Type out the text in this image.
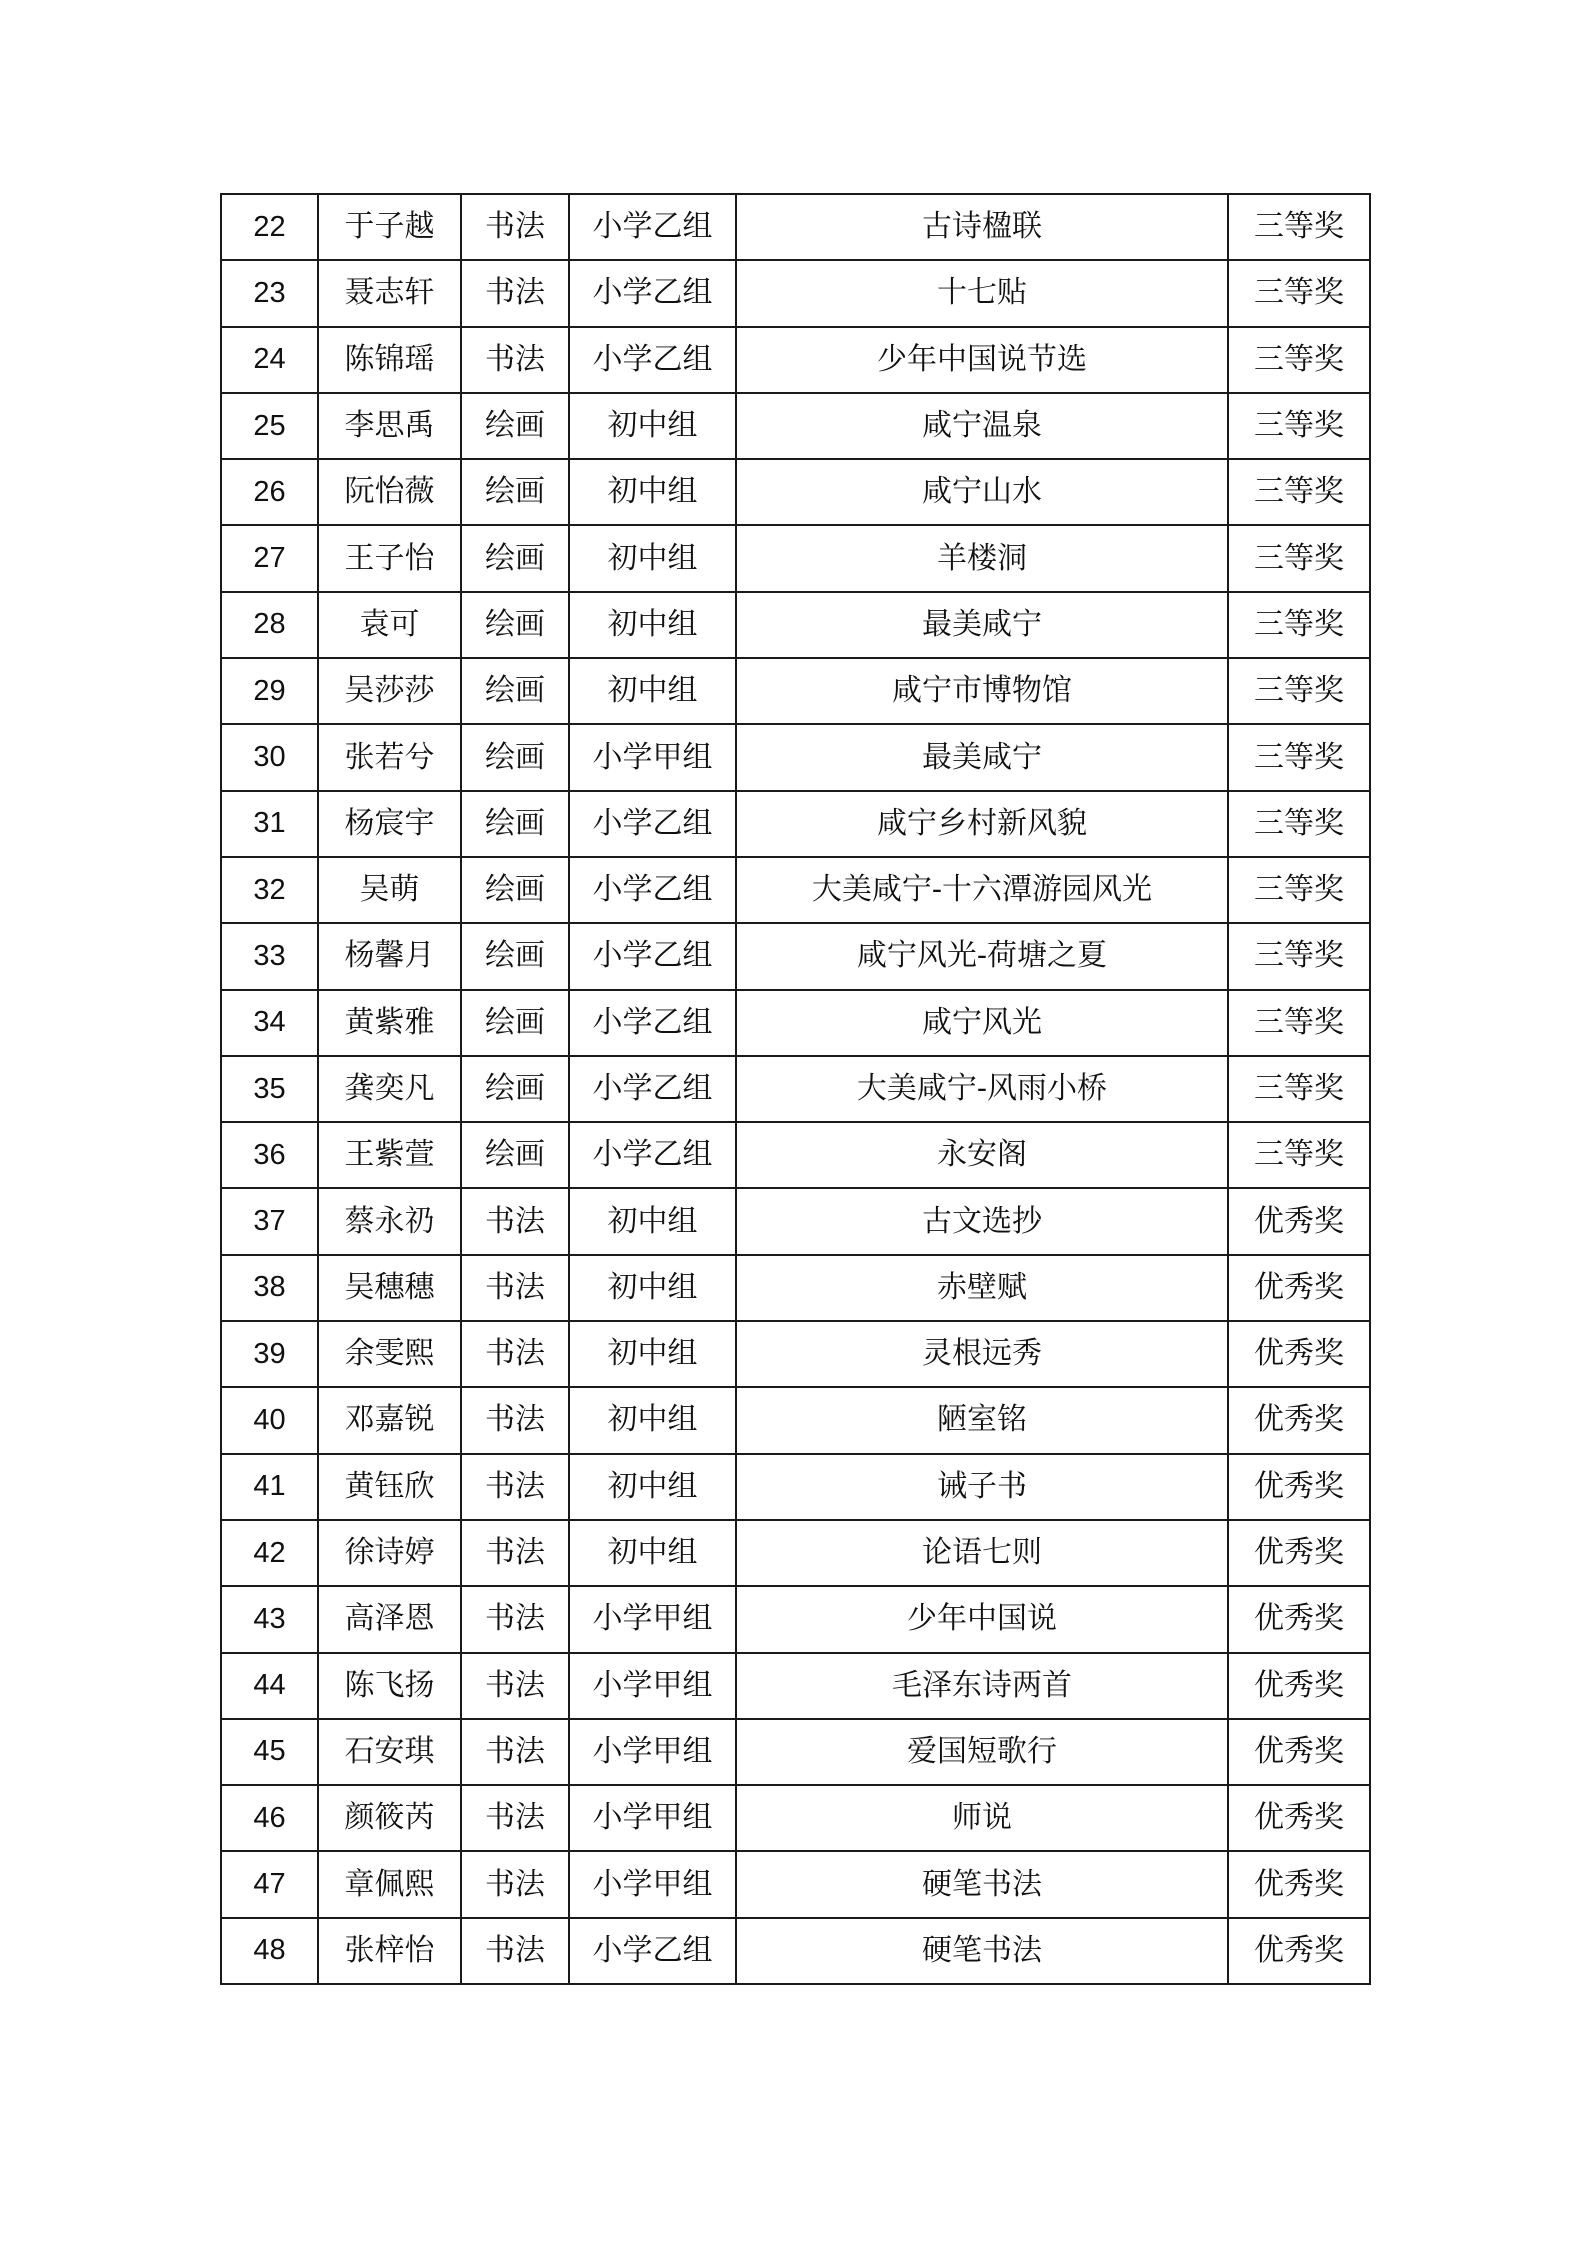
22	于子越	书法	小学乙组	古诗楹联	三等奖
23	聂志轩	书法	小学乙组	十七贴	三等奖
24	陈锦瑶	书法	小学乙组	少年中国说节选	三等奖
25	李思禹	绘画	初中组	咸宁温泉	三等奖
26	阮怡薇	绘画	初中组	咸宁山水	三等奖
27	王子怡	绘画	初中组	羊楼洞	三等奖
28	袁可	绘画	初中组	最美咸宁	三等奖
29	吴莎莎	绘画	初中组	咸宁市博物馆	三等奖
30	张若兮	绘画	小学甲组	最美咸宁	三等奖
31	杨宸宇	绘画	小学乙组	咸宁乡村新风貌	三等奖
32	吴萌	绘画	小学乙组	大美咸宁-十六潭游园风光	三等奖
33	杨馨月	绘画	小学乙组	咸宁风光-荷塘之夏	三等奖
34	黄紫雅	绘画	小学乙组	咸宁风光	三等奖
35	龚奕凡	绘画	小学乙组	大美咸宁-风雨小桥	三等奖
36	王紫萱	绘画	小学乙组	永安阁	三等奖
37	蔡永礽	书法	初中组	古文选抄	优秀奖
38	吴穗穗	书法	初中组	赤壁赋	优秀奖
39	余雯熙	书法	初中组	灵根远秀	优秀奖
40	邓嘉锐	书法	初中组	陋室铭	优秀奖
41	黄钰欣	书法	初中组	诫子书	优秀奖
42	徐诗婷	书法	初中组	论语七则	优秀奖
43	高泽恩	书法	小学甲组	少年中国说	优秀奖
44	陈飞扬	书法	小学甲组	毛泽东诗两首	优秀奖
45	石安琪	书法	小学甲组	爱国短歌行	优秀奖
46	颜筱芮	书法	小学甲组	师说	优秀奖
47	章佩熙	书法	小学甲组	硬笔书法	优秀奖
48	张梓怡	书法	小学乙组	硬笔书法	优秀奖
